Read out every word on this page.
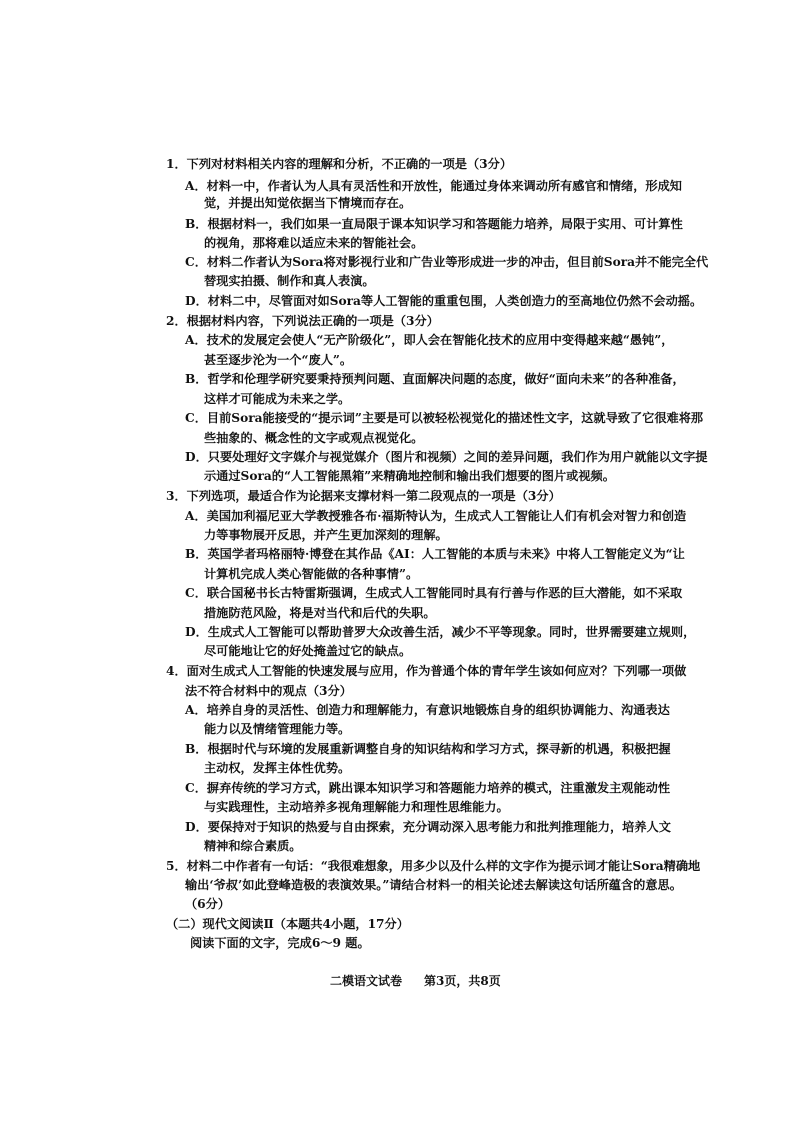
1．下列对材料相关内容的理解和分析，不正确的一项是（3分）
A．材料一中，作者认为人具有灵活性和开放性，能通过身体来调动所有感官和情绪，形成知
觉，并提出知觉依据当下情境而存在。
B．根据材料一，我们如果一直局限于课本知识学习和答题能力培养，局限于实用、可计算性
的视角，那将难以适应未来的智能社会。
C．材料二作者认为Sora将对影视行业和广告业等形成进一步的冲击，但目前Sora并不能完全代
替现实拍摄、制作和真人表演。
D．材料二中，尽管面对如Sora等人工智能的重重包围，人类创造力的至高地位仍然不会动摇。
2．根据材料内容，下列说法正确的一项是（3分）
A．技术的发展定会使人“无产阶级化”，即人会在智能化技术的应用中变得越来越“愚钝”，
甚至逐步沦为一个“废人”。
B．哲学和伦理学研究要秉持预判问题、直面解决问题的态度，做好“面向未来”的各种准备，
这样才可能成为未来之学。
C．目前Sora能接受的“提示词”主要是可以被轻松视觉化的描述性文字，这就导致了它很难将那
些抽象的、概念性的文字或观点视觉化。
D．只要处理好文字媒介与视觉媒介（图片和视频）之间的差异问题，我们作为用户就能以文字提
示通过Sora的“人工智能黑箱”来精确地控制和输出我们想要的图片或视频。
3．下列选项，最适合作为论据来支撑材料一第二段观点的一项是（3分）
A．美国加利福尼亚大学教授雅各布·福斯特认为，生成式人工智能让人们有机会对智力和创造
力等事物展开反思，并产生更加深刻的理解。
B．英国学者玛格丽特·博登在其作品《AI：人工智能的本质与未来》中将人工智能定义为“让
计算机完成人类心智能做的各种事情”。
C．联合国秘书长古特雷斯强调，生成式人工智能同时具有行善与作恶的巨大潜能，如不采取
措施防范风险，将是对当代和后代的失职。
D．生成式人工智能可以帮助普罗大众改善生活，减少不平等现象。同时，世界需要建立规则，
尽可能地让它的好处掩盖过它的缺点。
4．面对生成式人工智能的快速发展与应用，作为普通个体的青年学生该如何应对？下列哪一项做
法不符合材料中的观点（3分）
A．培养自身的灵活性、创造力和理解能力，有意识地锻炼自身的组织协调能力、沟通表达
能力以及情绪管理能力等。
B．根据时代与环境的发展重新调整自身的知识结构和学习方式，探寻新的机遇，积极把握
主动权，发挥主体性优势。
C．摒弃传统的学习方式，跳出课本知识学习和答题能力培养的模式，注重激发主观能动性
与实践理性，主动培养多视角理解能力和理性思维能力。
D．要保持对于知识的热爱与自由探索，充分调动深入思考能力和批判推理能力，培养人文
精神和综合素质。
5．材料二中作者有一句话：“我很难想象，用多少以及什么样的文字作为提示词才能让Sora精确地
输出‘爷叔’如此登峰造极的表演效果。”请结合材料一的相关论述去解读这句话所蕴含的意思。
（6分）
（二）现代文阅读Ⅱ（本题共4小题，17分）
阅读下面的文字，完成6～9 题。
二模语文试卷 第3页，共8页
